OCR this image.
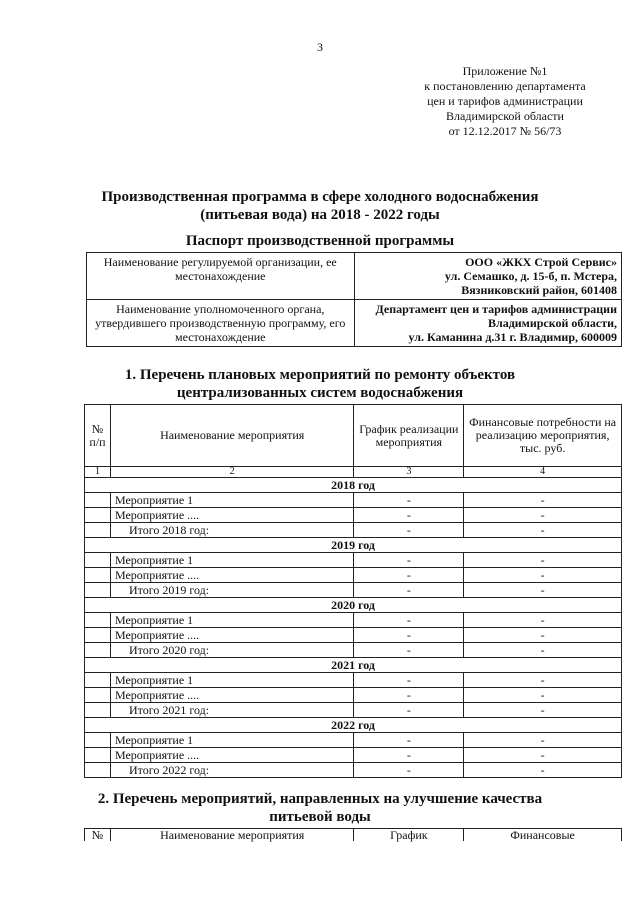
3
Приложение №1
к постановлению департамента
цен и тарифов администрации
Владимирской области
от 12.12.2017 № 56/73
Производственная программа в сфере холодного водоснабжения
(питьевая вода) на 2018 - 2022 годы
Паспорт производственной программы
Наименование регулируемой организации, ее местонахождение	ООО «ЖКХ Строй Сервис»
ул. Семашко, д. 15-б, п. Мстера,
Вязниковский район, 601408

Наименование уполномоченного органа, утвердившего производственную программу, его местонахождение	Департамент цен и тарифов администрации
Владимирской области,
ул. Каманина д.31 г. Владимир, 600009
1. Перечень плановых мероприятий по ремонту объектов
централизованных систем водоснабжения
№ п/п	Наименование мероприятия	График реализации мероприятия	Финансовые потребности на реализацию мероприятия, тыс. руб.
1	2	3	4
2018 год			
	Мероприятие 1	-	-
	Мероприятие ....	-	-
	Итого 2018 год:	-	-
2019 год			
	Мероприятие 1	-	-
	Мероприятие ....	-	-
	Итого 2019 год:	-	-
2020 год			
	Мероприятие 1	-	-
	Мероприятие ....	-	-
	Итого 2020 год:	-	-
2021 год			
	Мероприятие 1	-	-
	Мероприятие ....	-	-
	Итого 2021 год:	-	-
2022 год			
	Мероприятие 1	-	-
	Мероприятие ....	-	-
	Итого 2022 год:	-	-
2. Перечень мероприятий, направленных на улучшение качества
питьевой воды
№	Наименование мероприятия	График	Финансовые
